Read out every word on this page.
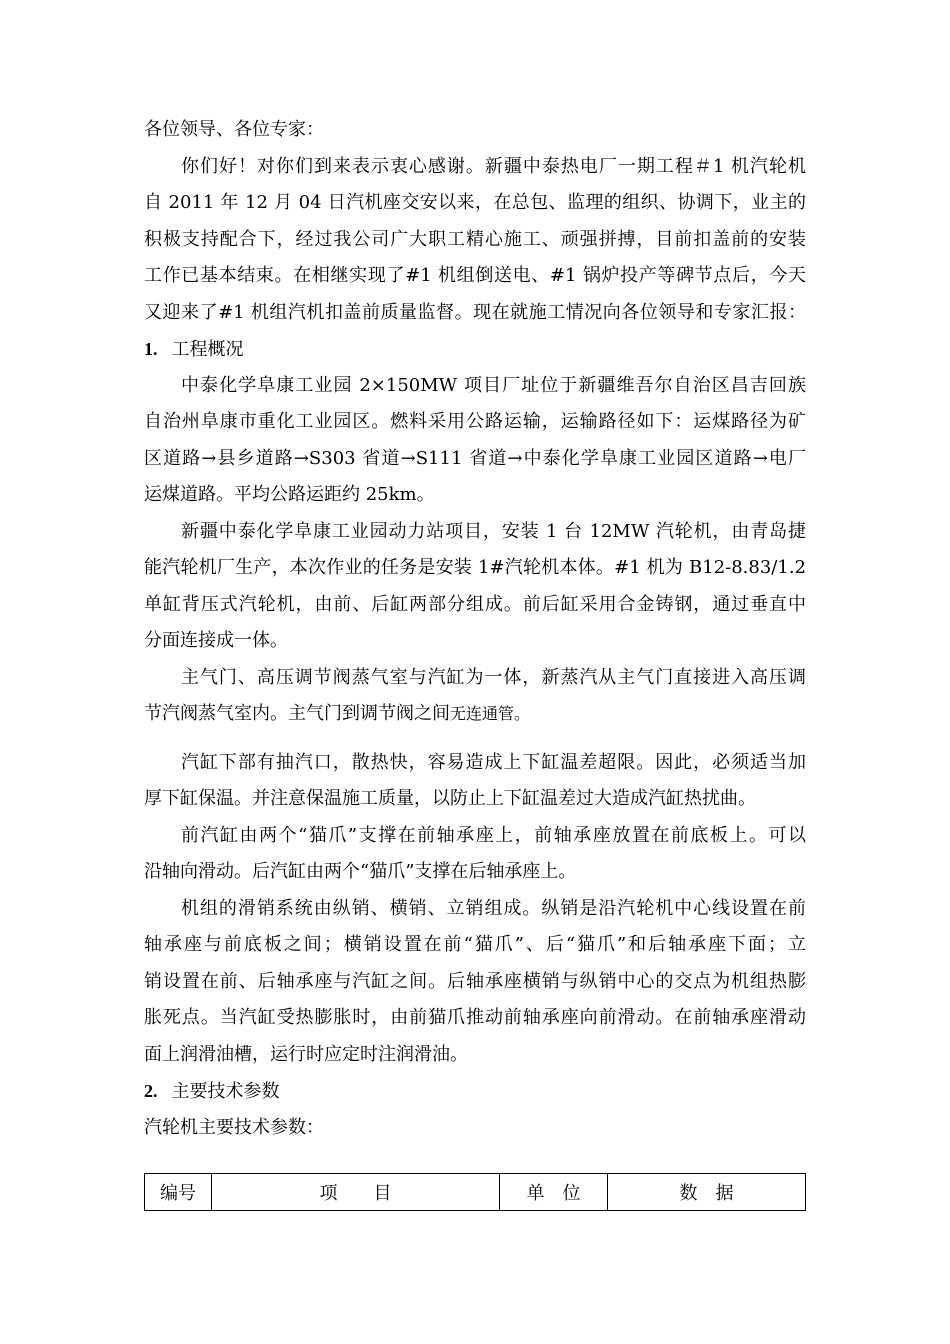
各位领导、各位专家：
你们好！对你们到来表示衷心感谢。新疆中泰热电厂一期工程＃1 机汽轮机
自 2011 年 12 月 04 日汽机座交安以来，在总包、监理的组织、协调下，业主的
积极支持配合下，经过我公司广大职工精心施工、顽强拼搏，目前扣盖前的安装
工作已基本结束。在相继实现了#1 机组倒送电、#1 锅炉投产等碑节点后，今天
又迎来了#1 机组汽机扣盖前质量监督。现在就施工情况向各位领导和专家汇报：
1. 工程概况
中泰化学阜康工业园 2×150MW 项目厂址位于新疆维吾尔自治区昌吉回族
自治州阜康市重化工业园区。燃料采用公路运输，运输路径如下：运煤路径为矿
区道路→县乡道路→S303 省道→S111 省道→中泰化学阜康工业园区道路→电厂
运煤道路。平均公路运距约 25km。
新疆中泰化学阜康工业园动力站项目，安装 1 台 12MW 汽轮机，由青岛捷
能汽轮机厂生产，本次作业的任务是安装 1#汽轮机本体。#1 机为 B12-8.83/1.2
单缸背压式汽轮机，由前、后缸两部分组成。前后缸采用合金铸钢，通过垂直中
分面连接成一体。
主气门、高压调节阀蒸气室与汽缸为一体，新蒸汽从主气门直接进入高压调
节汽阀蒸气室内。主气门到调节阀之间无连通管。
汽缸下部有抽汽口，散热快，容易造成上下缸温差超限。因此，必须适当加
厚下缸保温。并注意保温施工质量，以防止上下缸温差过大造成汽缸热扰曲。
前汽缸由两个“猫爪”支撑在前轴承座上，前轴承座放置在前底板上。可以
沿轴向滑动。后汽缸由两个“猫爪”支撑在后轴承座上。
机组的滑销系统由纵销、横销、立销组成。纵销是沿汽轮机中心线设置在前
轴承座与前底板之间；横销设置在前“猫爪”、后“猫爪”和后轴承座下面；立
销设置在前、后轴承座与汽缸之间。后轴承座横销与纵销中心的交点为机组热膨
胀死点。当汽缸受热膨胀时，由前猫爪推动前轴承座向前滑动。在前轴承座滑动
面上润滑油槽，运行时应定时注润滑油。
2. 主要技术参数
汽轮机主要技术参数：
编号	项　　目	单　位	数　据
